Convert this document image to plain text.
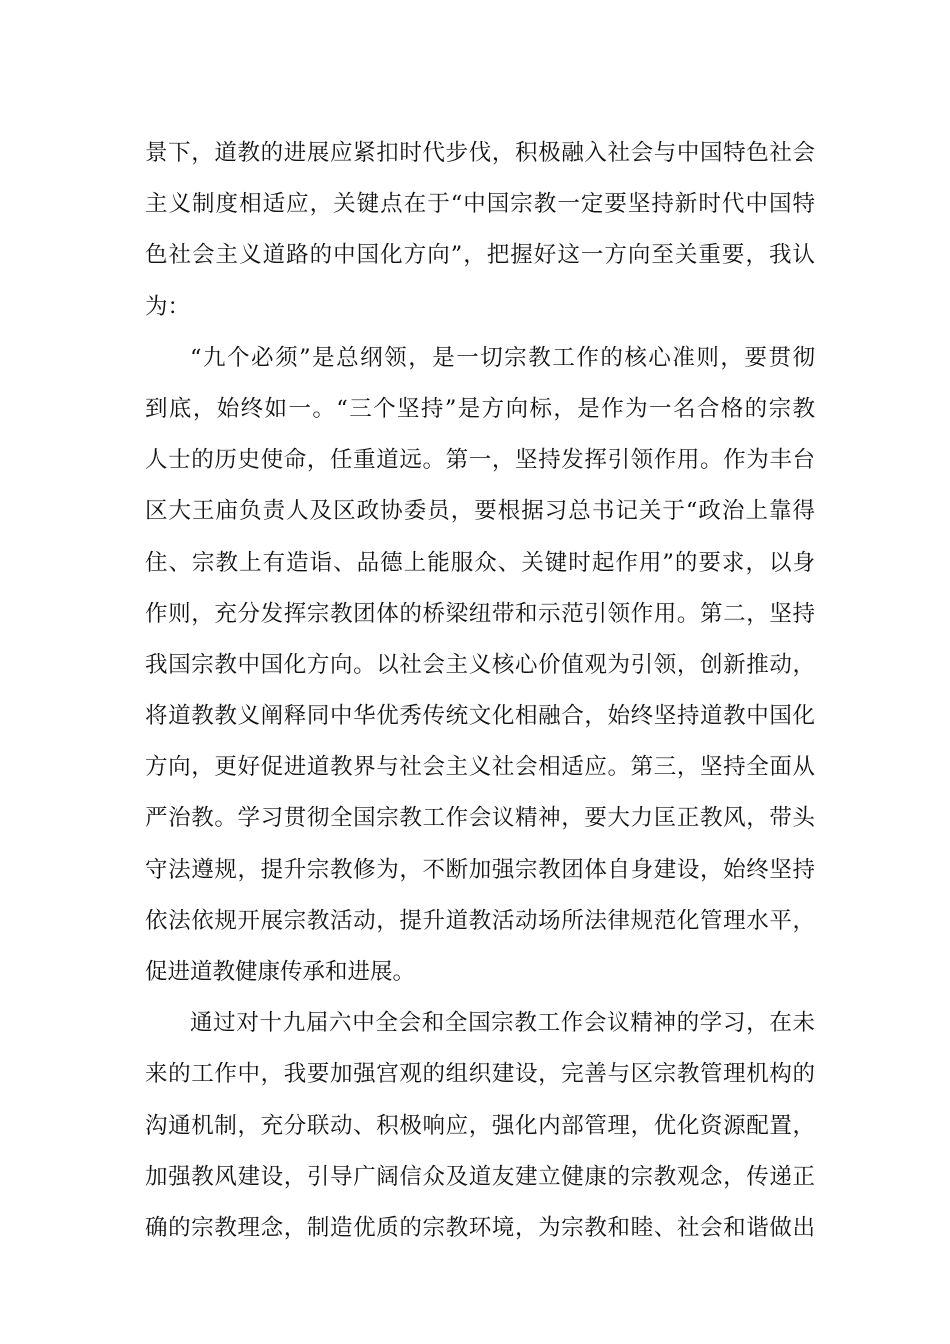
景下，道教的进展应紧扣时代步伐，积极融入社会与中国特色社会
主义制度相适应，关键点在于“中国宗教一定要坚持新时代中国特
色社会主义道路的中国化方向”，把握好这一方向至关重要，我认
为：
“九个必须”是总纲领，是一切宗教工作的核心准则，要贯彻
到底，始终如一。“三个坚持”是方向标，是作为一名合格的宗教
人士的历史使命，任重道远。第一，坚持发挥引领作用。作为丰台
区大王庙负责人及区政协委员，要根据习总书记关于“政治上靠得
住、宗教上有造诣、品德上能服众、关键时起作用”的要求，以身
作则，充分发挥宗教团体的桥梁纽带和示范引领作用。第二，坚持
我国宗教中国化方向。以社会主义核心价值观为引领，创新推动，
将道教教义阐释同中华优秀传统文化相融合，始终坚持道教中国化
方向，更好促进道教界与社会主义社会相适应。第三，坚持全面从
严治教。学习贯彻全国宗教工作会议精神，要大力匡正教风，带头
守法遵规，提升宗教修为，不断加强宗教团体自身建设，始终坚持
依法依规开展宗教活动，提升道教活动场所法律规范化管理水平，
促进道教健康传承和进展。
通过对十九届六中全会和全国宗教工作会议精神的学习，在未
来的工作中，我要加强宫观的组织建设，完善与区宗教管理机构的
沟通机制，充分联动、积极响应，强化内部管理，优化资源配置，
加强教风建设，引导广阔信众及道友建立健康的宗教观念，传递正
确的宗教理念，制造优质的宗教环境，为宗教和睦、社会和谐做出
